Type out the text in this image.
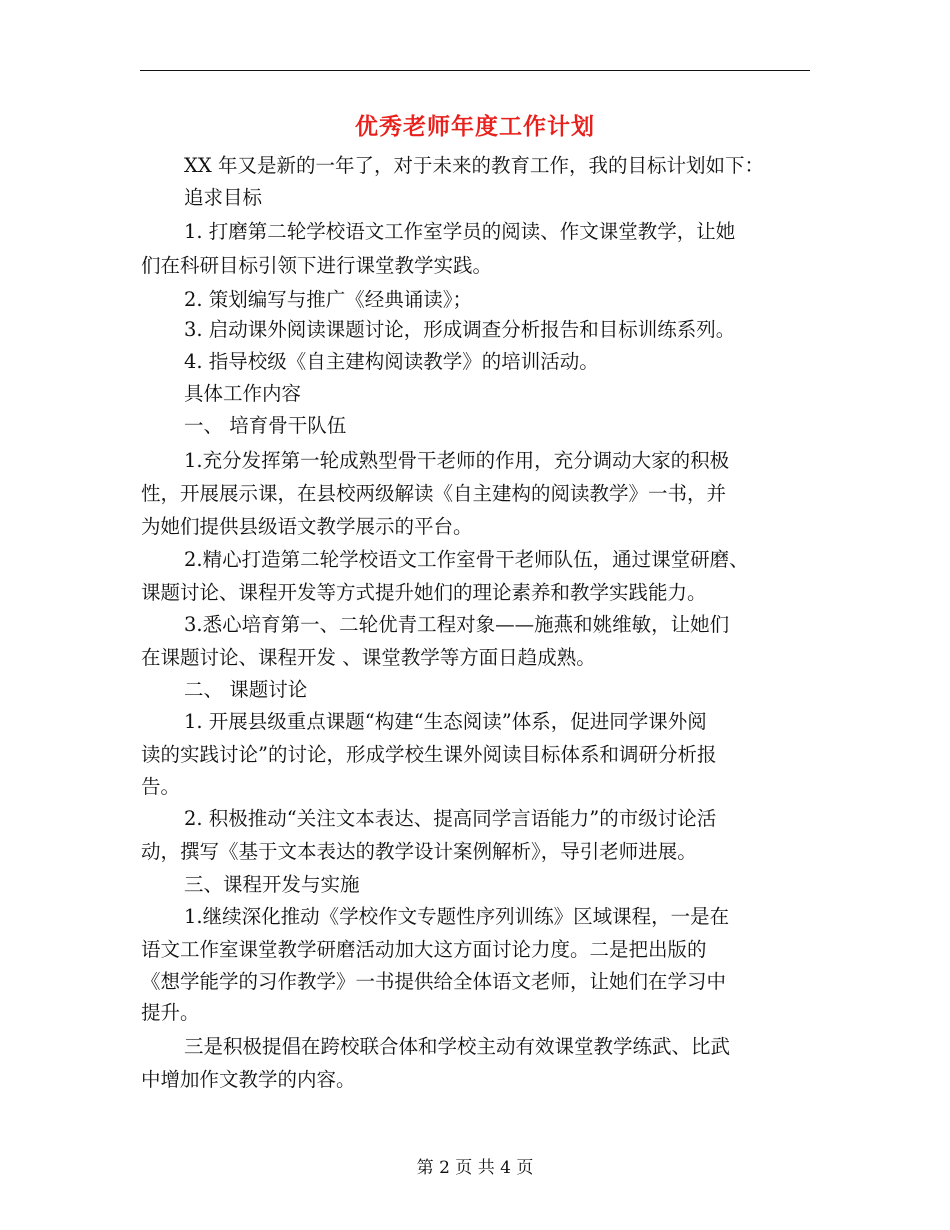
优秀老师年度工作计划
XX 年又是新的一年了，对于未来的教育工作，我的目标计划如下：
追求目标
1. 打磨第二轮学校语文工作室学员的阅读、作文课堂教学，让她
们在科研目标引领下进行课堂教学实践。
2. 策划编写与推广《经典诵读》；
3. 启动课外阅读课题讨论，形成调查分析报告和目标训练系列。
4. 指导校级《自主建构阅读教学》的培训活动。
具体工作内容
一、 培育骨干队伍
1.充分发挥第一轮成熟型骨干老师的作用，充分调动大家的积极
性，开展展示课，在县校两级解读《自主建构的阅读教学》一书，并
为她们提供县级语文教学展示的平台。
2.精心打造第二轮学校语文工作室骨干老师队伍，通过课堂研磨、
课题讨论、课程开发等方式提升她们的理论素养和教学实践能力。
3.悉心培育第一、二轮优青工程对象——施燕和姚维敏，让她们
在课题讨论、课程开发 、课堂教学等方面日趋成熟。
二、 课题讨论
1. 开展县级重点课题“构建“生态阅读”体系，促进同学课外阅
读的实践讨论”的讨论，形成学校生课外阅读目标体系和调研分析报
告。
2. 积极推动“关注文本表达、提高同学言语能力”的市级讨论活
动，撰写《基于文本表达的教学设计案例解析》，导引老师进展。
三、课程开发与实施
1.继续深化推动《学校作文专题性序列训练》区域课程，一是在
语文工作室课堂教学研磨活动加大这方面讨论力度。二是把出版的
《想学能学的习作教学》一书提供给全体语文老师，让她们在学习中
提升。
三是积极提倡在跨校联合体和学校主动有效课堂教学练武、比武
中增加作文教学的内容。
第 2 页 共 4 页
